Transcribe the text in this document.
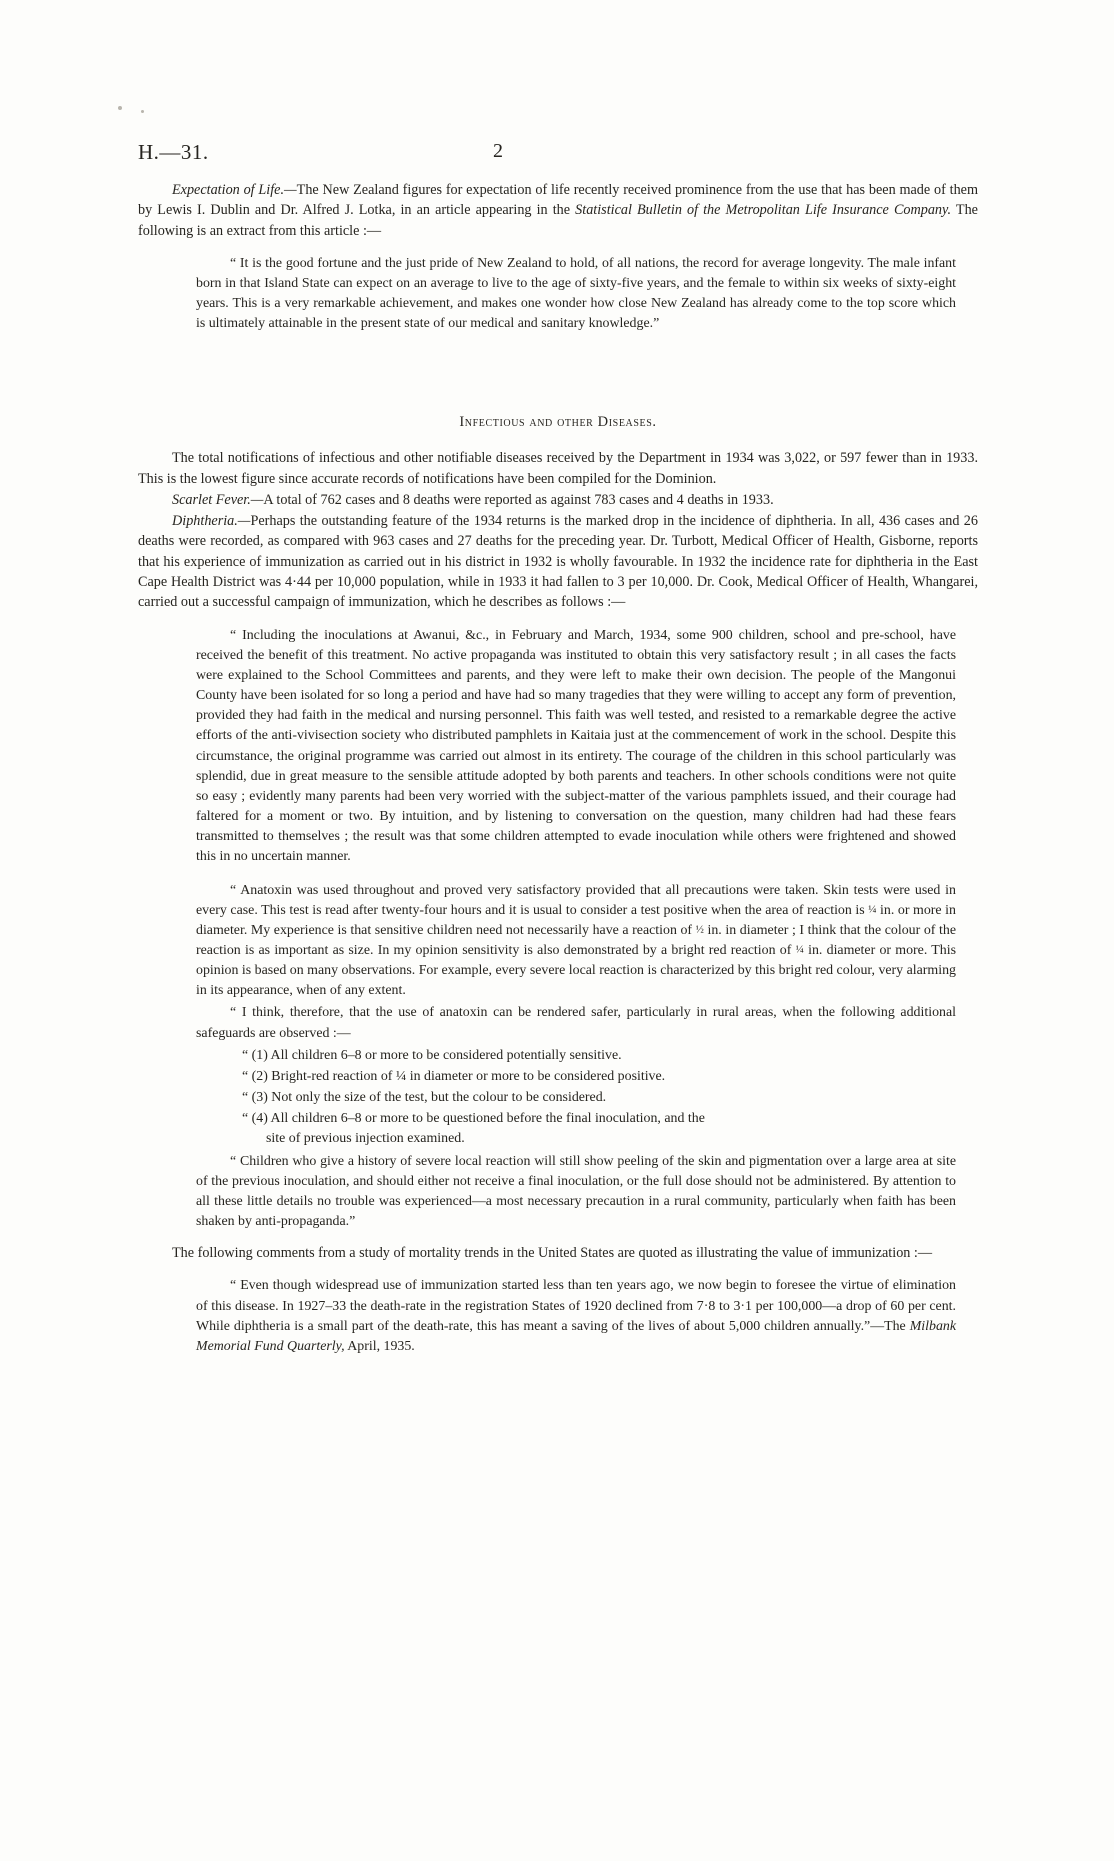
H.—31.	2

Expectation of Life.—The New Zealand figures for expectation of life recently received prominence from the use that has been made of them by Lewis I. Dublin and Dr. Alfred J. Lotka, in an article appearing in the Statistical Bulletin of the Metropolitan Life Insurance Company. The following is an extract from this article :—

“ It is the good fortune and the just pride of New Zealand to hold, of all nations, the record for average longevity. The male infant born in that Island State can expect on an average to live to the age of sixty-five years, and the female to within six weeks of sixty-eight years. This is a very remarkable achievement, and makes one wonder how close New Zealand has already come to the top score which is ultimately attainable in the present state of our medical and sanitary knowledge.”

Infectious and other Diseases.

The total notifications of infectious and other notifiable diseases received by the Department in 1934 was 3,022, or 597 fewer than in 1933. This is the lowest figure since accurate records of notifications have been compiled for the Dominion.

Scarlet Fever.—A total of 762 cases and 8 deaths were reported as against 783 cases and 4 deaths in 1933.

Diphtheria.—Perhaps the outstanding feature of the 1934 returns is the marked drop in the incidence of diphtheria. In all, 436 cases and 26 deaths were recorded, as compared with 963 cases and 27 deaths for the preceding year. Dr. Turbott, Medical Officer of Health, Gisborne, reports that his experience of immunization as carried out in his district in 1932 is wholly favourable. In 1932 the incidence rate for diphtheria in the East Cape Health District was 4·44 per 10,000 population, while in 1933 it had fallen to 3 per 10,000. Dr. Cook, Medical Officer of Health, Whangarei, carried out a successful campaign of immunization, which he describes as follows :—

“ Including the inoculations at Awanui, &c., in February and March, 1934, some 900 children, school and pre-school, have received the benefit of this treatment. No active propaganda was instituted to obtain this very satisfactory result ; in all cases the facts were explained to the School Committees and parents, and they were left to make their own decision. The people of the Mangonui County have been isolated for so long a period and have had so many tragedies that they were willing to accept any form of prevention, provided they had faith in the medical and nursing personnel. This faith was well tested, and resisted to a remarkable degree the active efforts of the anti-vivisection society who distributed pamphlets in Kaitaia just at the commencement of work in the school. Despite this circumstance, the original programme was carried out almost in its entirety. The courage of the children in this school particularly was splendid, due in great measure to the sensible attitude adopted by both parents and teachers. In other schools conditions were not quite so easy ; evidently many parents had been very worried with the subject-matter of the various pamphlets issued, and their courage had faltered for a moment or two. By intuition, and by listening to conversation on the question, many children had had these fears transmitted to themselves ; the result was that some children attempted to evade inoculation while others were frightened and showed this in no uncertain manner.

“ Anatoxin was used throughout and proved very satisfactory provided that all precautions were taken. Skin tests were used in every case. This test is read after twenty-four hours and it is usual to consider a test positive when the area of reaction is ¼ in. or more in diameter. My experience is that sensitive children need not necessarily have a reaction of ½ in. in diameter ; I think that the colour of the reaction is as important as size. In my opinion sensitivity is also demonstrated by a bright red reaction of ¼ in. diameter or more. This opinion is based on many observations. For example, every severe local reaction is characterized by this bright red colour, very alarming in its appearance, when of any extent.

“ I think, therefore, that the use of anatoxin can be rendered safer, particularly in rural areas, when the following additional safeguards are observed :—

“ (1) All children 6–8 or more to be considered potentially sensitive.

“ (2) Bright-red reaction of ¼ in diameter or more to be considered positive.

“ (3) Not only the size of the test, but the colour to be considered.

“ (4) All children 6–8 or more to be questioned before the final inoculation, and the
site of previous injection examined.

“ Children who give a history of severe local reaction will still show peeling of the skin and pigmentation over a large area at site of the previous inoculation, and should either not receive a final inoculation, or the full dose should not be administered. By attention to all these little details no trouble was experienced—a most necessary precaution in a rural community, particularly when faith has been shaken by anti-propaganda.”

The following comments from a study of mortality trends in the United States are quoted as illustrating the value of immunization :—

“ Even though widespread use of immunization started less than ten years ago, we now begin to foresee the virtue of elimination of this disease. In 1927–33 the death-rate in the registration States of 1920 declined from 7·8 to 3·1 per 100,000—a drop of 60 per cent. While diphtheria is a small part of the death-rate, this has meant a saving of the lives of about 5,000 children annually.”—The Milbank Memorial Fund Quarterly, April, 1935.
